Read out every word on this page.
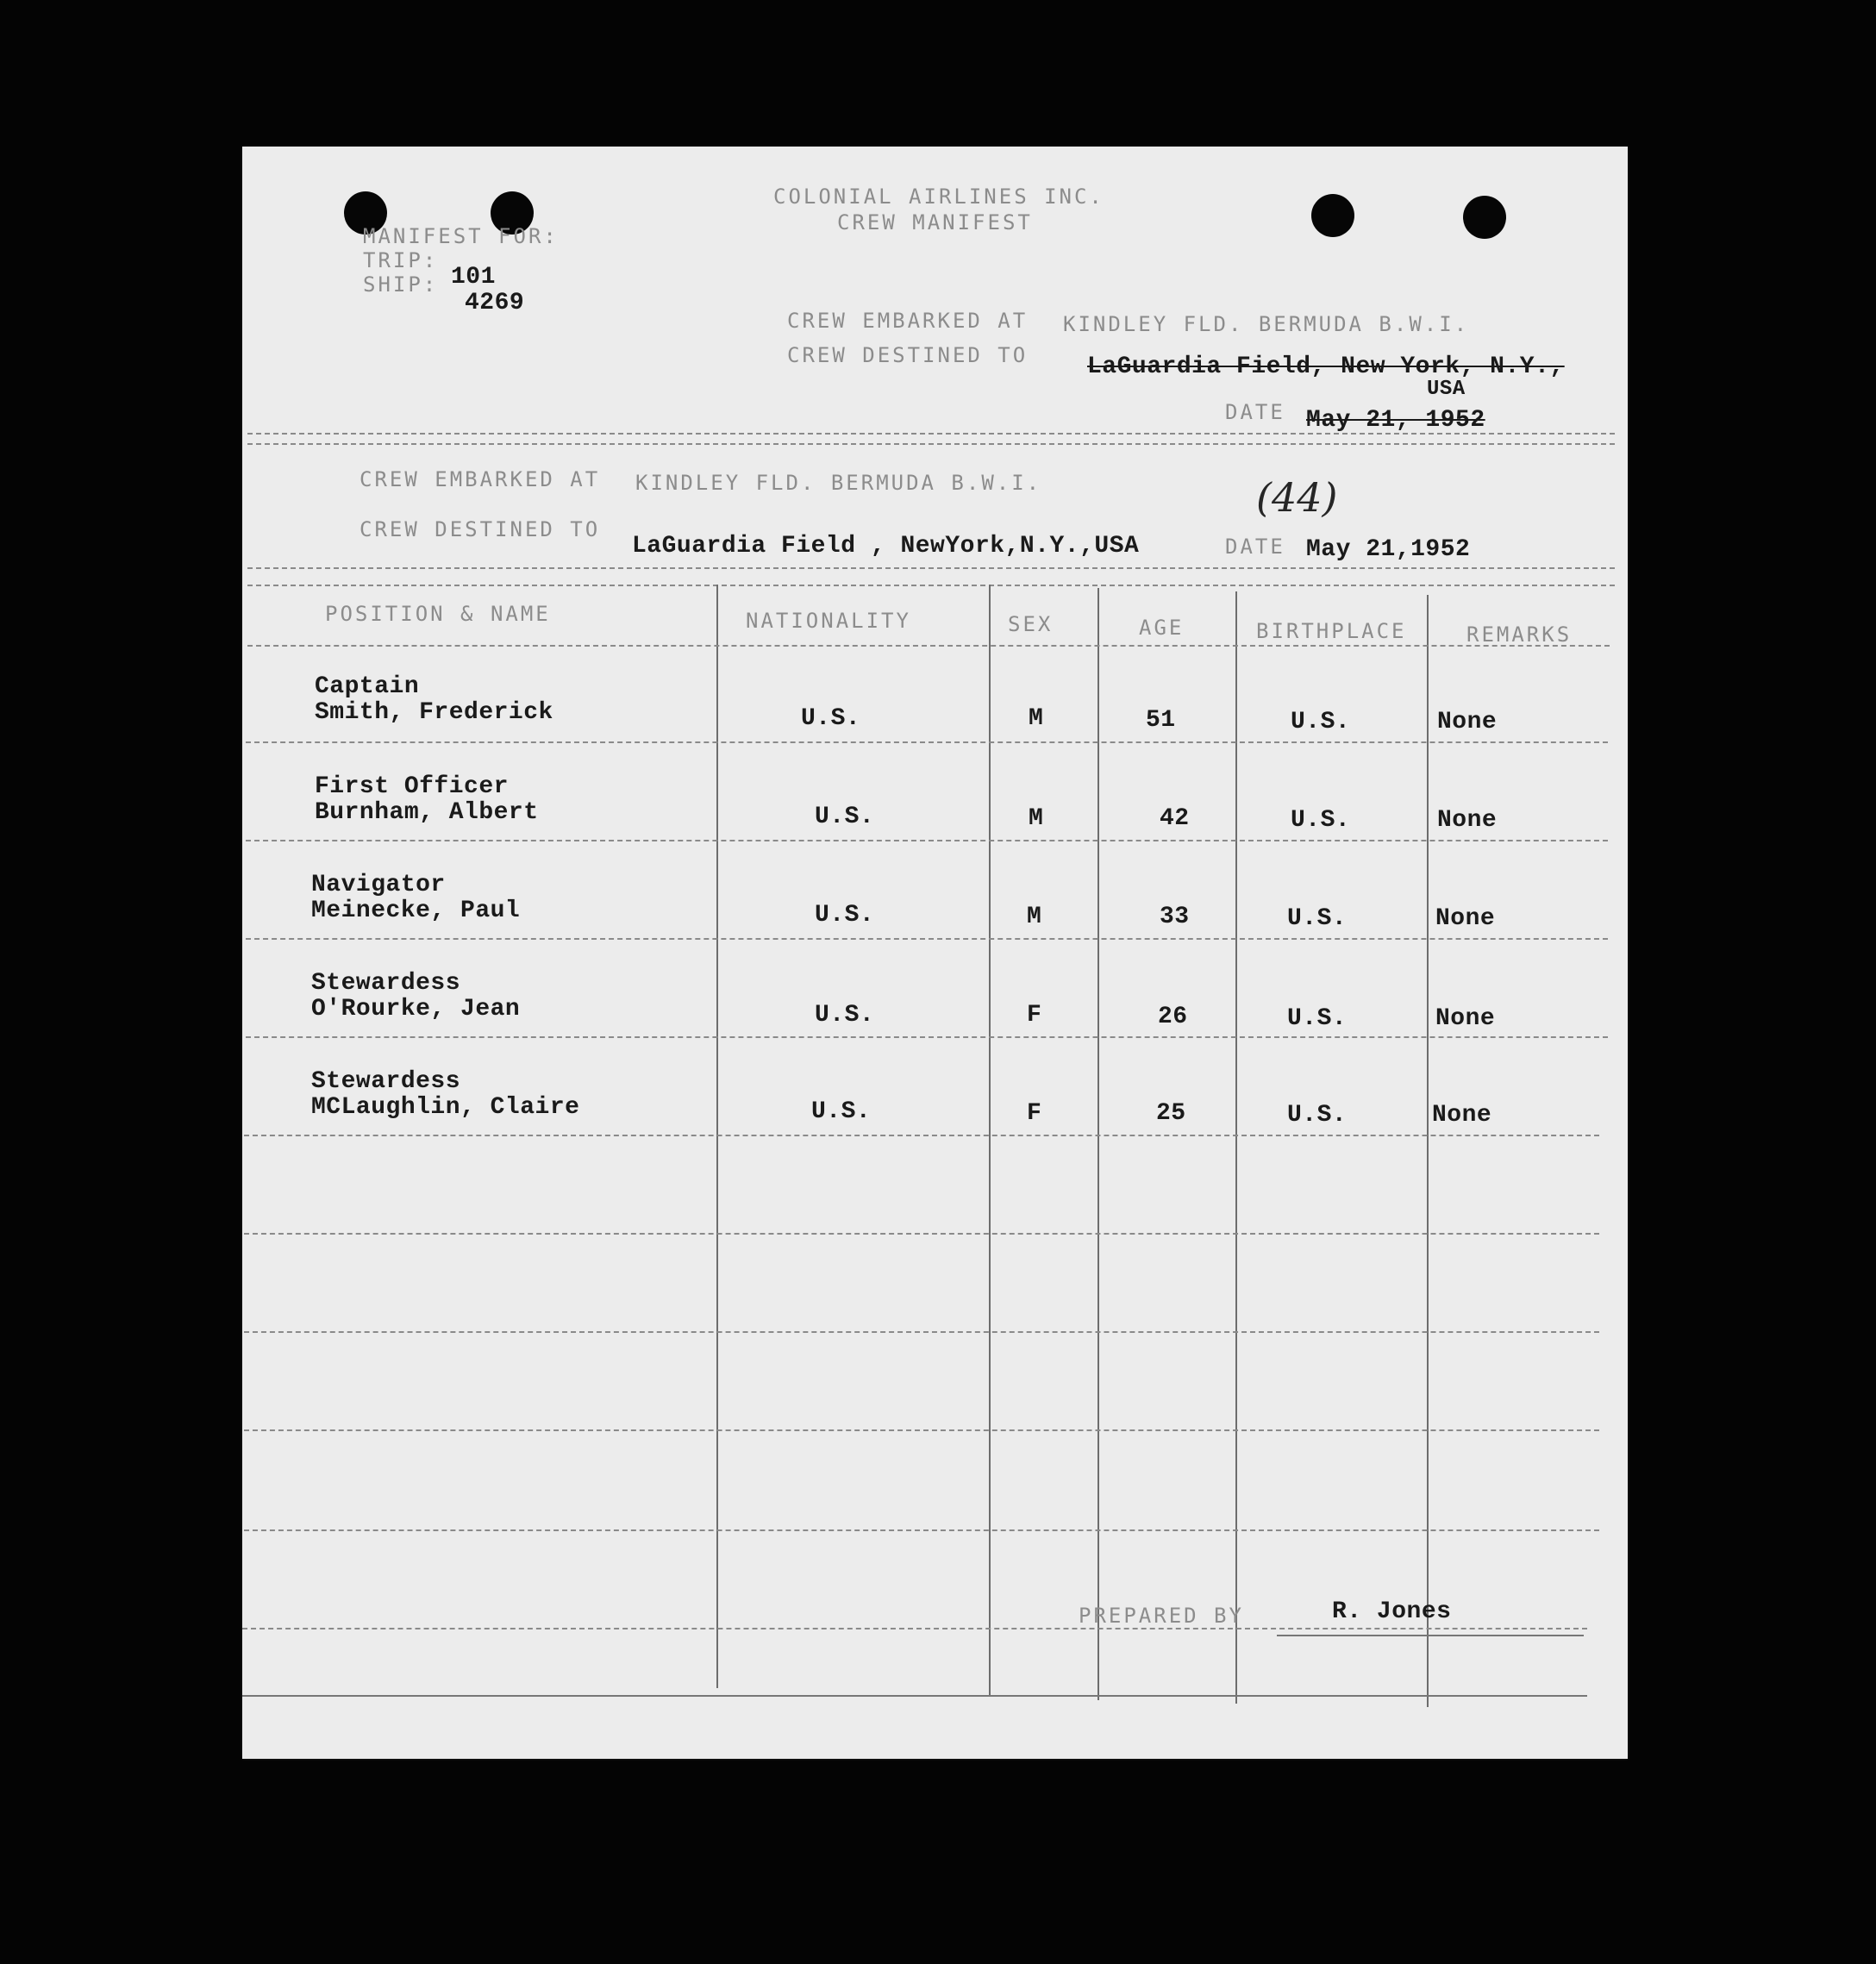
COLONIAL AIRLINES INC.
CREW MANIFEST
MANIFEST FOR:
TRIP:
101
SHIP:
4269
CREW EMBARKED AT KINDLEY FLD. BERMUDA B.W.I.
CREW DESTINED TO LaGuardia Field, New York, N.Y.,
USA
DATE May 21, 1952
CREW EMBARKED AT KINDLEY FLD. BERMUDA B.W.I.	(44)
CREW DESTINED TO
LaGuardia Field , NewYork,N.Y.,USA	DATE May 21,1952
POSITION & NAME	NATIONALITY	SEX	AGE	BIRTHPLACE	REMARKS
Captain
Smith, Frederick	U.S.	M	51	U.S.	None
First Officer
Burnham, Albert	U.S.	M	42	U.S.	None
Navigator
Meinecke, Paul	U.S.	M	33	U.S.	None
Stewardess
O'Rourke, Jean	U.S.	F	26	U.S.	None
Stewardess
MCLaughlin, Claire	U.S.	F	25	U.S.	None
PREPARED BY	R. Jones
